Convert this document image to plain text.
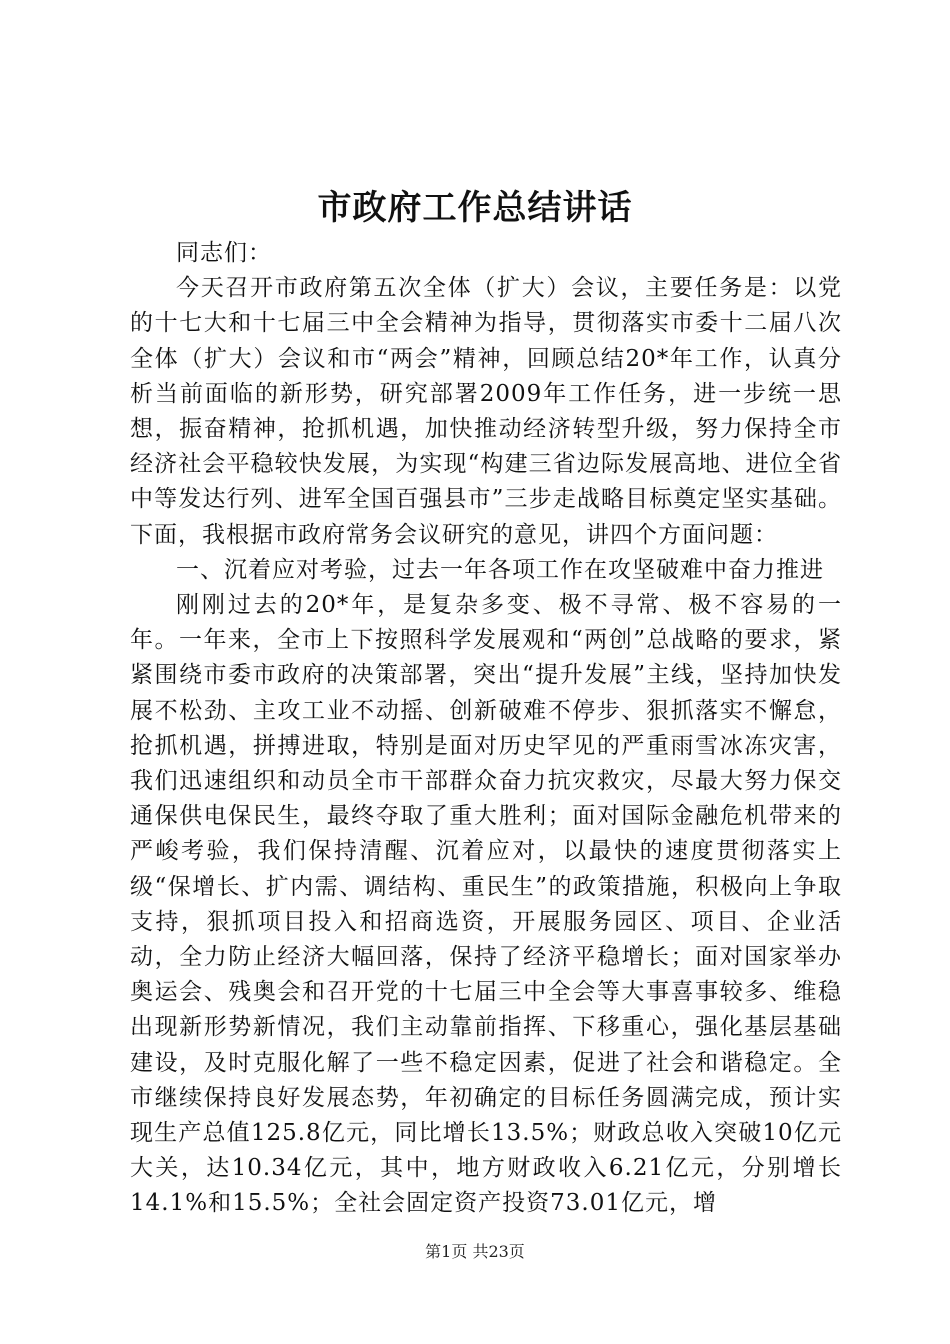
市政府工作总结讲话

同志们：

今天召开市政府第五次全体（扩大）会议，主要任务是：以党的十七大和十七届三中全会精神为指导，贯彻落实市委十二届八次全体（扩大）会议和市“两会”精神，回顾总结20*年工作，认真分析当前面临的新形势，研究部署2009年工作任务，进一步统一思想，振奋精神，抢抓机遇，加快推动经济转型升级，努力保持全市经济社会平稳较快发展，为实现“构建三省边际发展高地、进位全省中等发达行列、进军全国百强县市”三步走战略目标奠定坚实基础。下面，我根据市政府常务会议研究的意见，讲四个方面问题：

一、沉着应对考验，过去一年各项工作在攻坚破难中奋力推进

刚刚过去的20*年，是复杂多变、极不寻常、极不容易的一年。一年来，全市上下按照科学发展观和“两创”总战略的要求，紧紧围绕市委市政府的决策部署，突出“提升发展”主线，坚持加快发展不松劲、主攻工业不动摇、创新破难不停步、狠抓落实不懈怠，抢抓机遇，拼搏进取，特别是面对历史罕见的严重雨雪冰冻灾害，我们迅速组织和动员全市干部群众奋力抗灾救灾，尽最大努力保交通保供电保民生，最终夺取了重大胜利；面对国际金融危机带来的严峻考验，我们保持清醒、沉着应对，以最快的速度贯彻落实上级“保增长、扩内需、调结构、重民生”的政策措施，积极向上争取支持，狠抓项目投入和招商选资，开展服务园区、项目、企业活动，全力防止经济大幅回落，保持了经济平稳增长；面对国家举办奥运会、残奥会和召开党的十七届三中全会等大事喜事较多、维稳出现新形势新情况，我们主动靠前指挥、下移重心，强化基层基础建设，及时克服化解了一些不稳定因素，促进了社会和谐稳定。全市继续保持良好发展态势，年初确定的目标任务圆满完成，预计实现生产总值125.8亿元，同比增长13.5%；财政总收入突破10亿元大关，达10.34亿元，其中，地方财政收入6.21亿元，分别增长14.1%和15.5%；全社会固定资产投资73.01亿元，增

第1页 共23页
